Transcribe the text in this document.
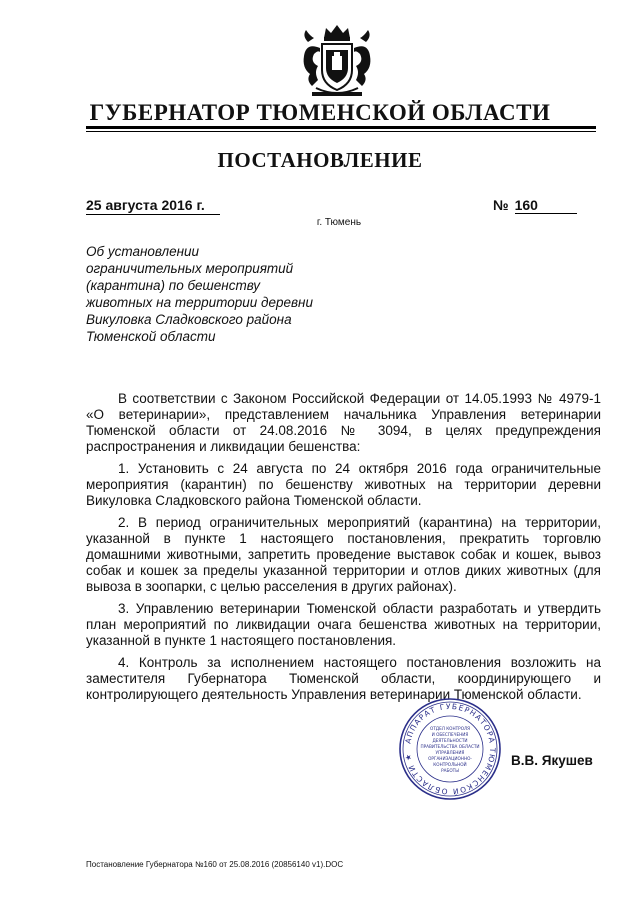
ГУБЕРНАТОР ТЮМЕНСКОЙ ОБЛАСТИ
ПОСТАНОВЛЕНИЕ
25 августа 2016 г.	№ 160
г. Тюмень
Об установлении
ограничительных мероприятий
(карантина) по бешенству
животных на территории деревни
Викуловка Сладковского района
Тюменской области

В соответствии с Законом Российской Федерации от 14.05.1993 № 4979-1 «О ветеринарии», представлением начальника Управления ветеринарии Тюменской области от 24.08.2016 № 3094, в целях предупреждения распространения и ликвидации бешенства:

1. Установить с 24 августа по 24 октября 2016 года ограничительные мероприятия (карантин) по бешенству животных на территории деревни Викуловка Сладковского района Тюменской области.

2. В период ограничительных мероприятий (карантина) на территории, указанной в пункте 1 настоящего постановления, прекратить торговлю домашними животными, запретить проведение выставок собак и кошек, вывоз собак и кошек за пределы указанной территории и отлов диких животных (для вывоза в зоопарки, с целью расселения в других районах).

3. Управлению ветеринарии Тюменской области разработать и утвердить план мероприятий по ликвидации очага бешенства животных на территории, указанной в пункте 1 настоящего постановления.

4. Контроль за исполнением настоящего постановления возложить на заместителя Губернатора Тюменской области, координирующего и контролирующего деятельность Управления ветеринарии Тюменской области.

АППАРАТ ГУБЕРНАТОРА ТЮМЕНСКОЙ ОБЛАСТИ ★
ОТДЕЛ КОНТРОЛЯ
И ОБЕСПЕЧЕНИЯ
ДЕЯТЕЛЬНОСТИ
ПРАВИТЕЛЬСТВА ОБЛАСТИ
УПРАВЛЕНИЯ
ОРГАНИЗАЦИОННО-
КОНТРОЛЬНОЙ
РАБОТЫ
В.В. Якушев
Постановление Губернатора №160 от 25.08.2016 (20856140 v1).DOC
